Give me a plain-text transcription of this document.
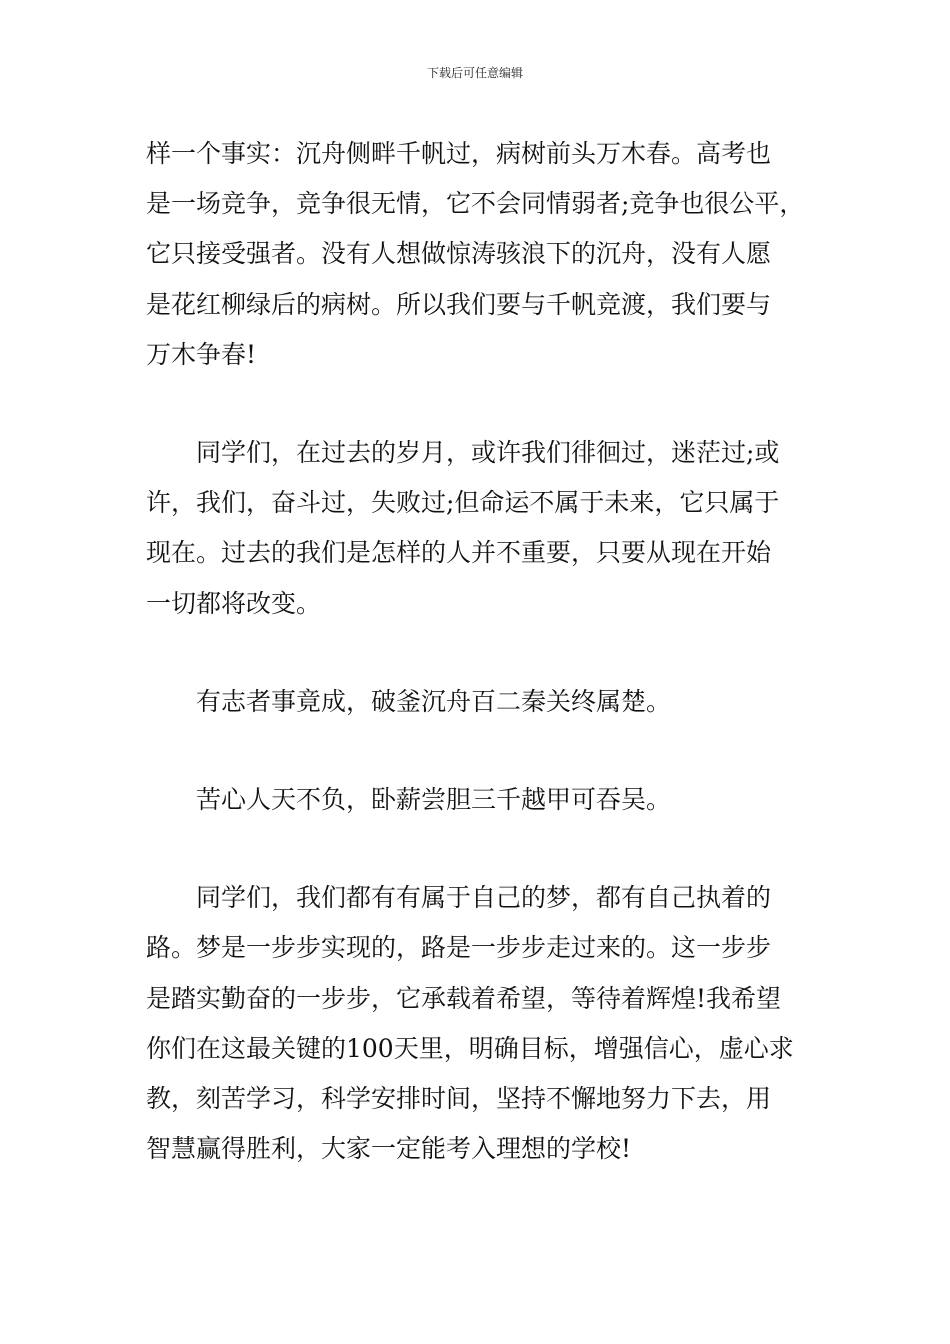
下载后可任意编辑

样一个事实：沉舟侧畔千帆过，病树前头万木春。高考也
是一场竞争，竞争很无情，它不会同情弱者;竞争也很公平，
它只接受强者。没有人想做惊涛骇浪下的沉舟，没有人愿
是花红柳绿后的病树。所以我们要与千帆竞渡，我们要与
万木争春!

同学们，在过去的岁月，或许我们徘徊过，迷茫过;或
许，我们，奋斗过，失败过;但命运不属于未来，它只属于
现在。过去的我们是怎样的人并不重要，只要从现在开始
一切都将改变。

有志者事竟成，破釜沉舟百二秦关终属楚。

苦心人天不负，卧薪尝胆三千越甲可吞吴。

同学们，我们都有有属于自己的梦，都有自己执着的
路。梦是一步步实现的，路是一步步走过来的。这一步步
是踏实勤奋的一步步，它承载着希望，等待着辉煌!我希望
你们在这最关键的100天里，明确目标，增强信心，虚心求
教，刻苦学习，科学安排时间，坚持不懈地努力下去，用
智慧赢得胜利，大家一定能考入理想的学校!
